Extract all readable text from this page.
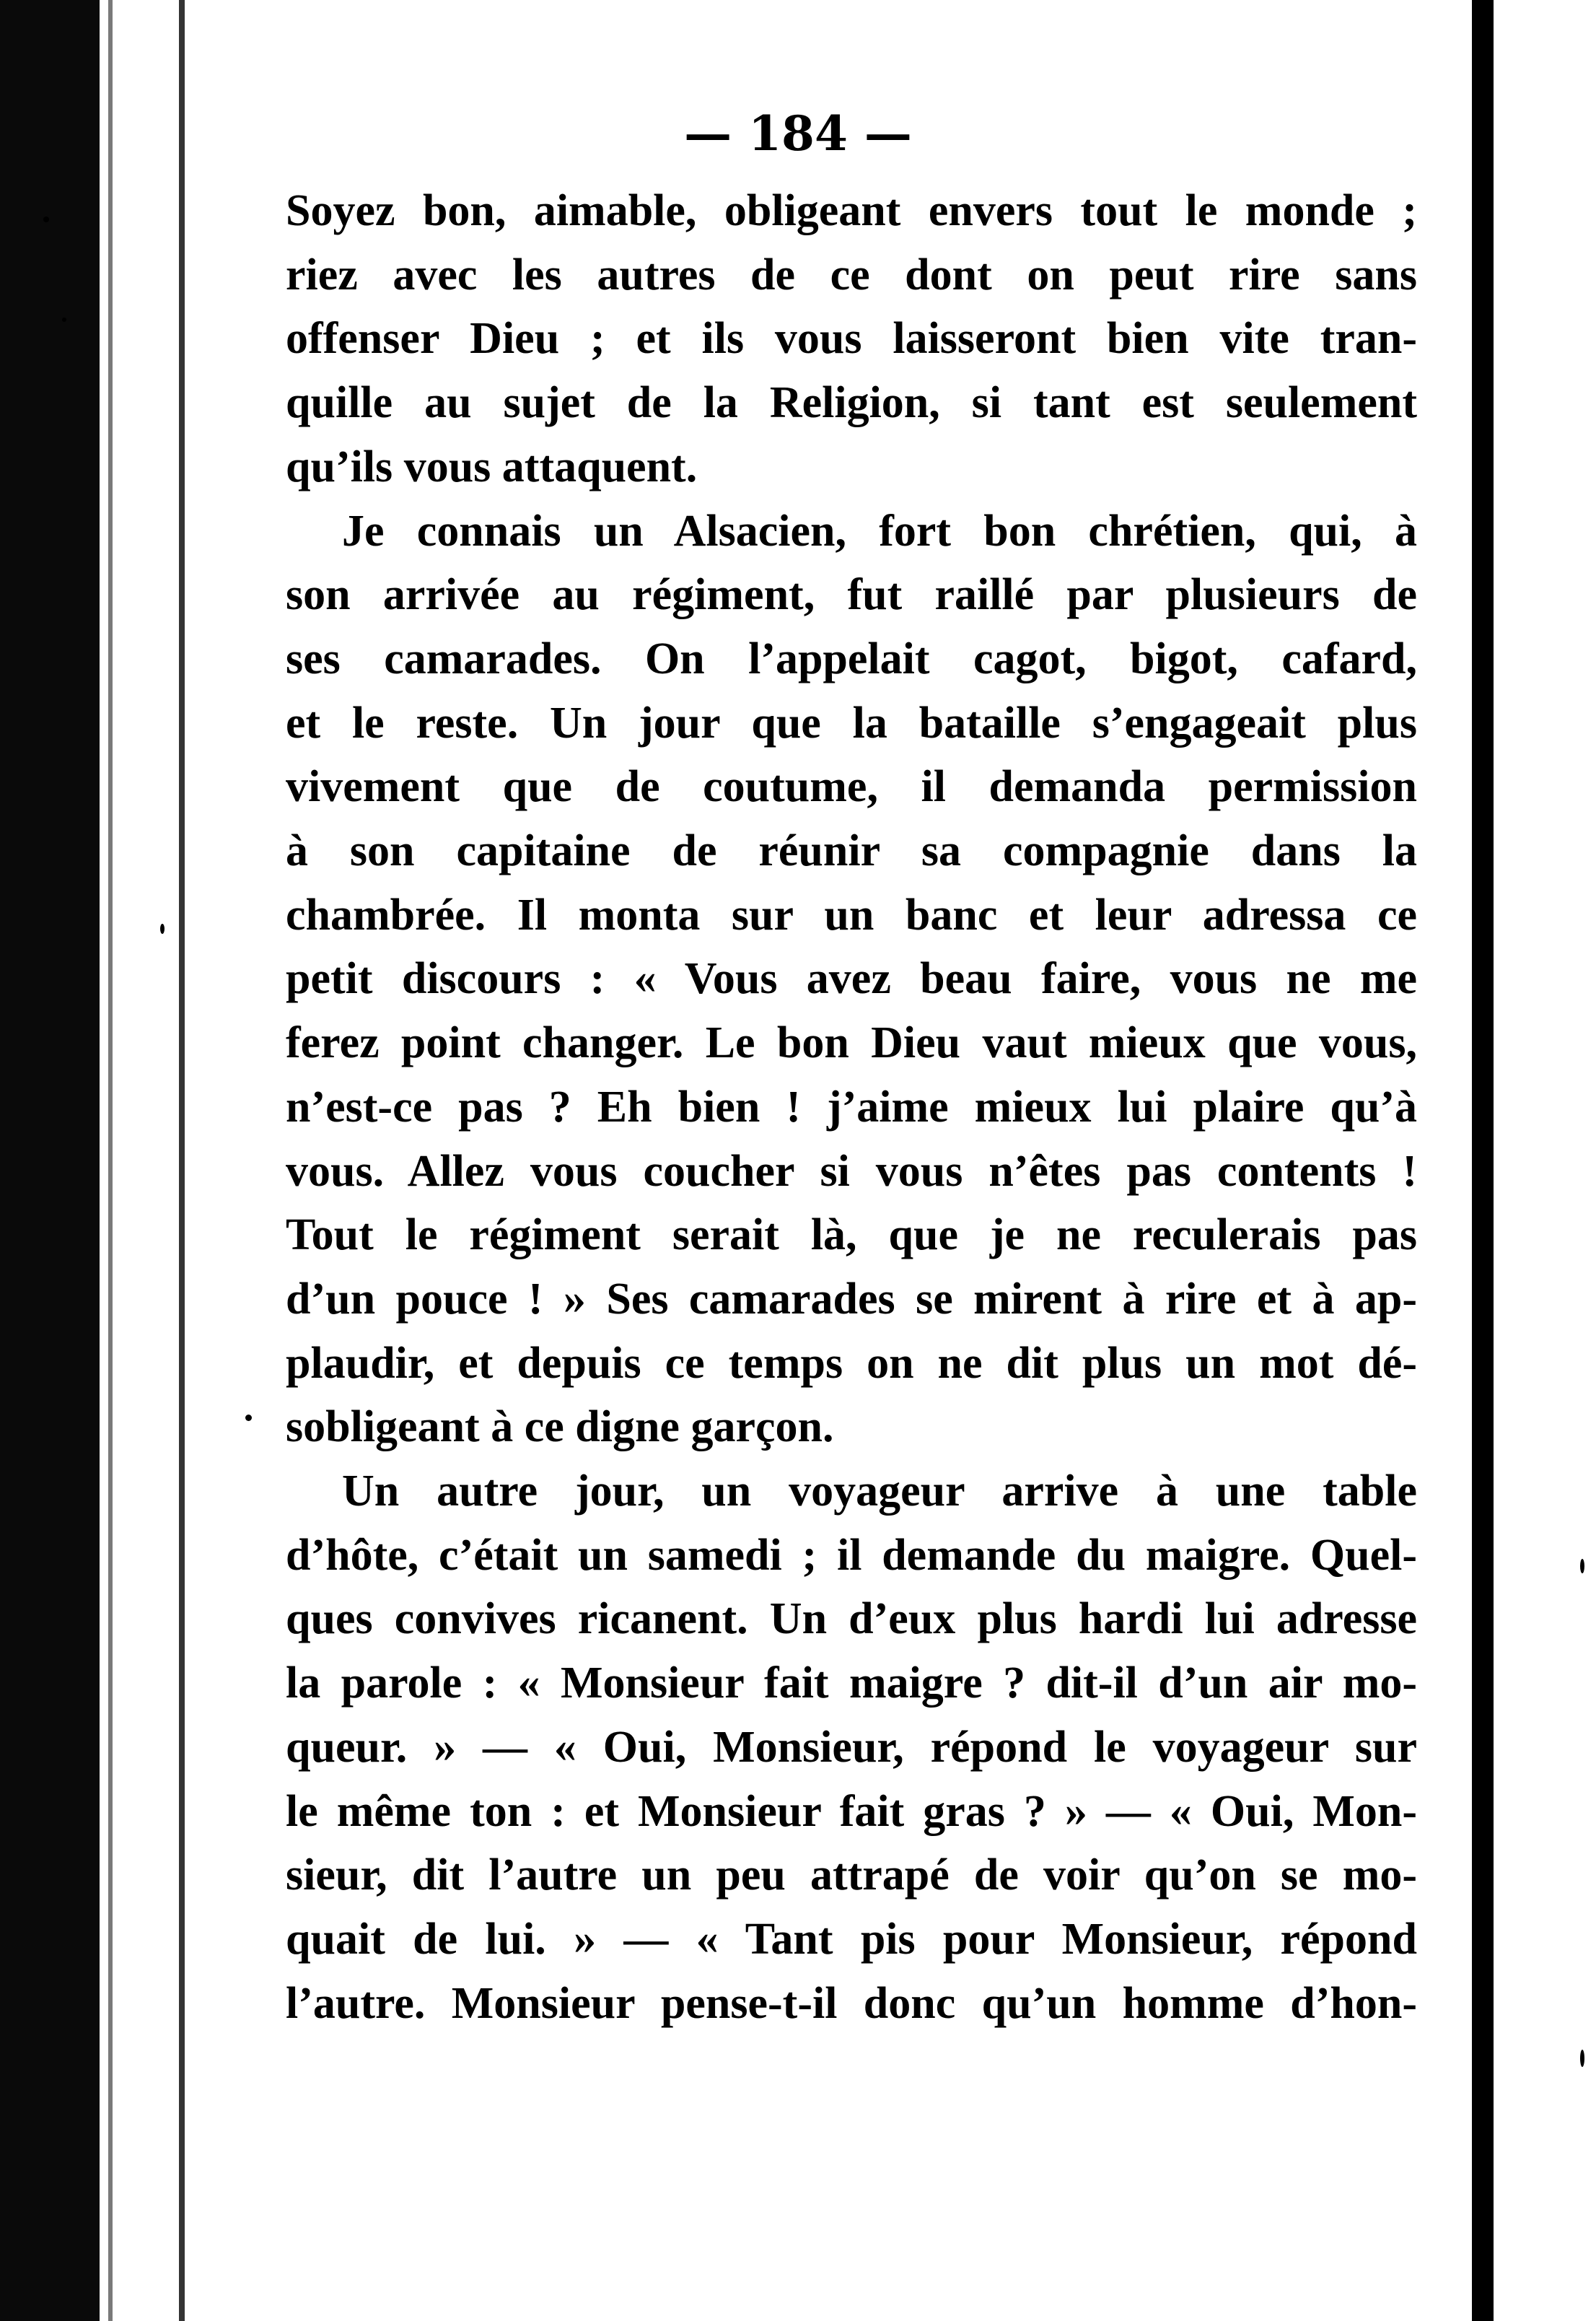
— 184 —

Soyez bon, aimable, obligeant envers tout le monde ;
riez avec les autres de ce dont on peut rire sans
offenser Dieu ; et ils vous laisseront bien vite tran-
quille au sujet de la Religion, si tant est seulement
qu’ils vous attaquent.

Je connais un Alsacien, fort bon chrétien, qui, à
son arrivée au régiment, fut raillé par plusieurs de
ses camarades. On l’appelait cagot, bigot, cafard,
et le reste. Un jour que la bataille s’engageait plus
vivement que de coutume, il demanda permission
à son capitaine de réunir sa compagnie dans la
chambrée. Il monta sur un banc et leur adressa ce
petit discours : « Vous avez beau faire, vous ne me
ferez point changer. Le bon Dieu vaut mieux que vous,
n’est-ce pas ? Eh bien ! j’aime mieux lui plaire qu’à
vous. Allez vous coucher si vous n’êtes pas contents !
Tout le régiment serait là, que je ne reculerais pas
d’un pouce ! » Ses camarades se mirent à rire et à ap-
plaudir, et depuis ce temps on ne dit plus un mot dé-
sobligeant à ce digne garçon.

Un autre jour, un voyageur arrive à une table
d’hôte, c’était un samedi ; il demande du maigre. Quel-
ques convives ricanent. Un d’eux plus hardi lui adresse
la parole : « Monsieur fait maigre ? dit-il d’un air mo-
queur. » — « Oui, Monsieur, répond le voyageur sur
le même ton : et Monsieur fait gras ? » — « Oui, Mon-
sieur, dit l’autre un peu attrapé de voir qu’on se mo-
quait de lui. » — « Tant pis pour Monsieur, répond
l’autre. Monsieur pense-t-il donc qu’un homme d’hon-
